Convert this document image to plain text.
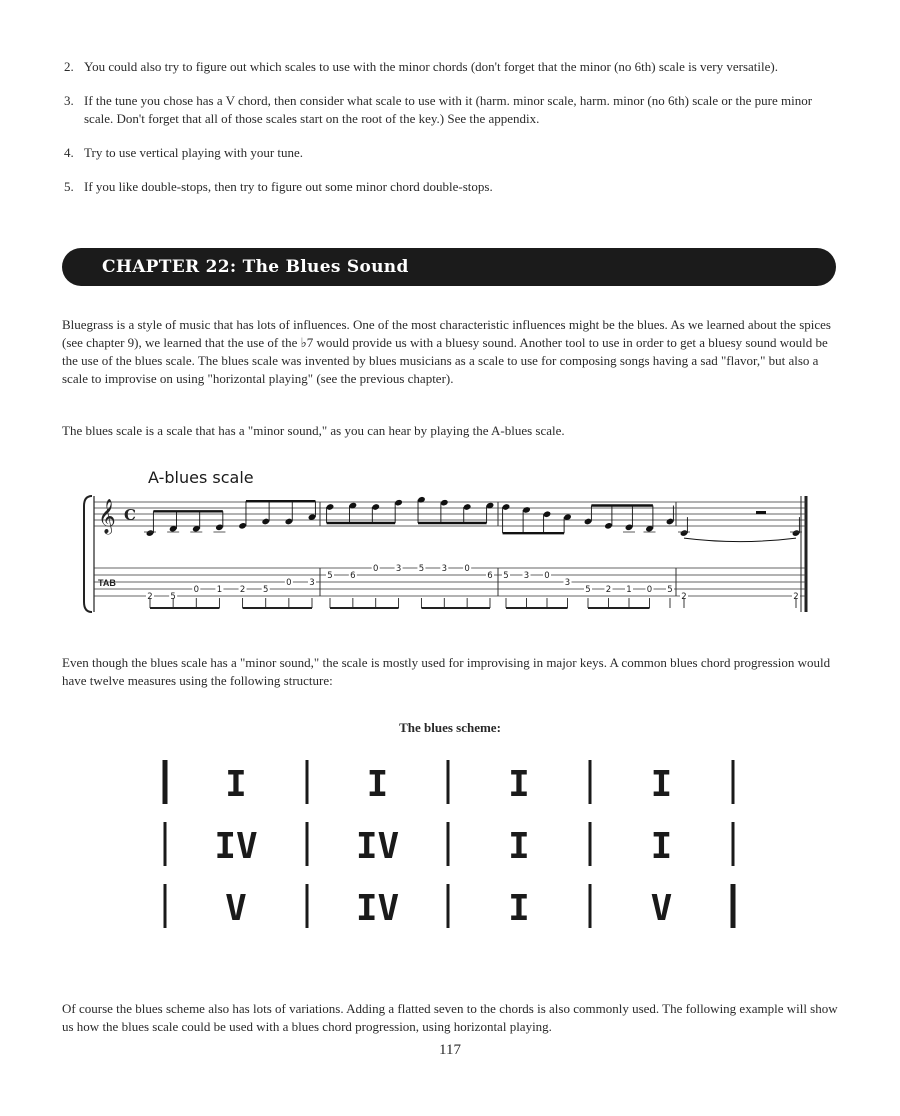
2. You could also try to figure out which scales to use with the minor chords (don't forget that the minor (no 6th) scale is very versatile).
3. If the tune you chose has a V chord, then consider what scale to use with it (harm. minor scale, harm. minor (no 6th) scale or the pure minor scale. Don't forget that all of those scales start on the root of the key.) See the appendix.
4. Try to use vertical playing with your tune.
5. If you like double-stops, then try to figure out some minor chord double-stops.
CHAPTER 22: The Blues Sound

Bluegrass is a style of music that has lots of influences. One of the most characteristic influences might be the blues. As we learned about the spices (see chapter 9), we learned that the use of the ♭7 would provide us with a bluesy sound. Another tool to use in order to get a bluesy sound would be the use of the blues scale. The blues scale was invented by blues musicians as a scale to use for composing songs having a sad "flavor," but also a scale to improvise on using "horizontal playing" (see the previous chapter).

The blues scale is a scale that has a "minor sound," as you can hear by playing the A-blues scale.

A-blues scale
𝄞 C
TAB
2 5
0 1 2 5
0 3
5 6
0 3 5 3 0
6 5 3 0
3
5 2 1 0 5
2	2

Even though the blues scale has a "minor sound," the scale is mostly used for improvising in major keys. A common blues chord progression would have twelve measures using the following structure:

The blues scheme:
I	I	I	I
IV	IV	I	I
V	IV	I	V

Of course the blues scheme also has lots of variations. Adding a flatted seven to the chords is also commonly used. The following example will show us how the blues scale could be used with a blues chord progression, using horizontal playing.

117
